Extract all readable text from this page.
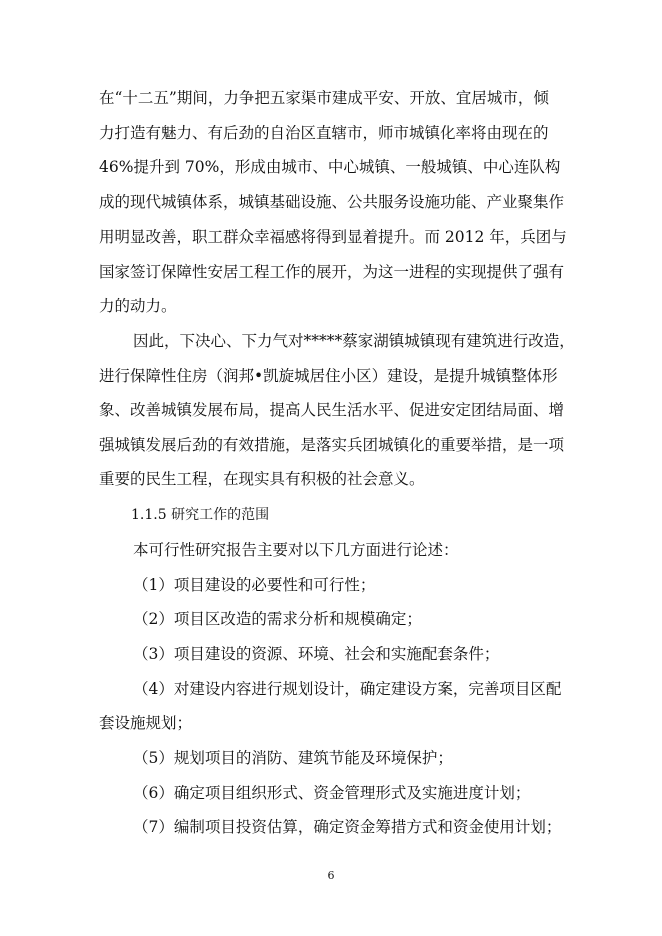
在“十二五”期间，力争把五家渠市建成平安、开放、宜居城市，倾
力打造有魅力、有后劲的自治区直辖市，师市城镇化率将由现在的
46%提升到 70%，形成由城市、中心城镇、一般城镇、中心连队构
成的现代城镇体系，城镇基础设施、公共服务设施功能、产业聚集作
用明显改善，职工群众幸福感将得到显着提升。而 2012 年，兵团与
国家签订保障性安居工程工作的展开，为这一进程的实现提供了强有
力的动力。
因此，下决心、下力气对*****蔡家湖镇城镇现有建筑进行改造，
进行保障性住房（润邦•凯旋城居住小区）建设，是提升城镇整体形
象、改善城镇发展布局，提高人民生活水平、促进安定团结局面、增
强城镇发展后劲的有效措施，是落实兵团城镇化的重要举措，是一项
重要的民生工程，在现实具有积极的社会意义。
1.1.5 研究工作的范围
本可行性研究报告主要对以下几方面进行论述：
（1）项目建设的必要性和可行性；
（2）项目区改造的需求分析和规模确定；
（3）项目建设的资源、环境、社会和实施配套条件；
（4）对建设内容进行规划设计，确定建设方案，完善项目区配
套设施规划；
（5）规划项目的消防、建筑节能及环境保护；
（6）确定项目组织形式、资金管理形式及实施进度计划；
（7）编制项目投资估算，确定资金筹措方式和资金使用计划；
6
